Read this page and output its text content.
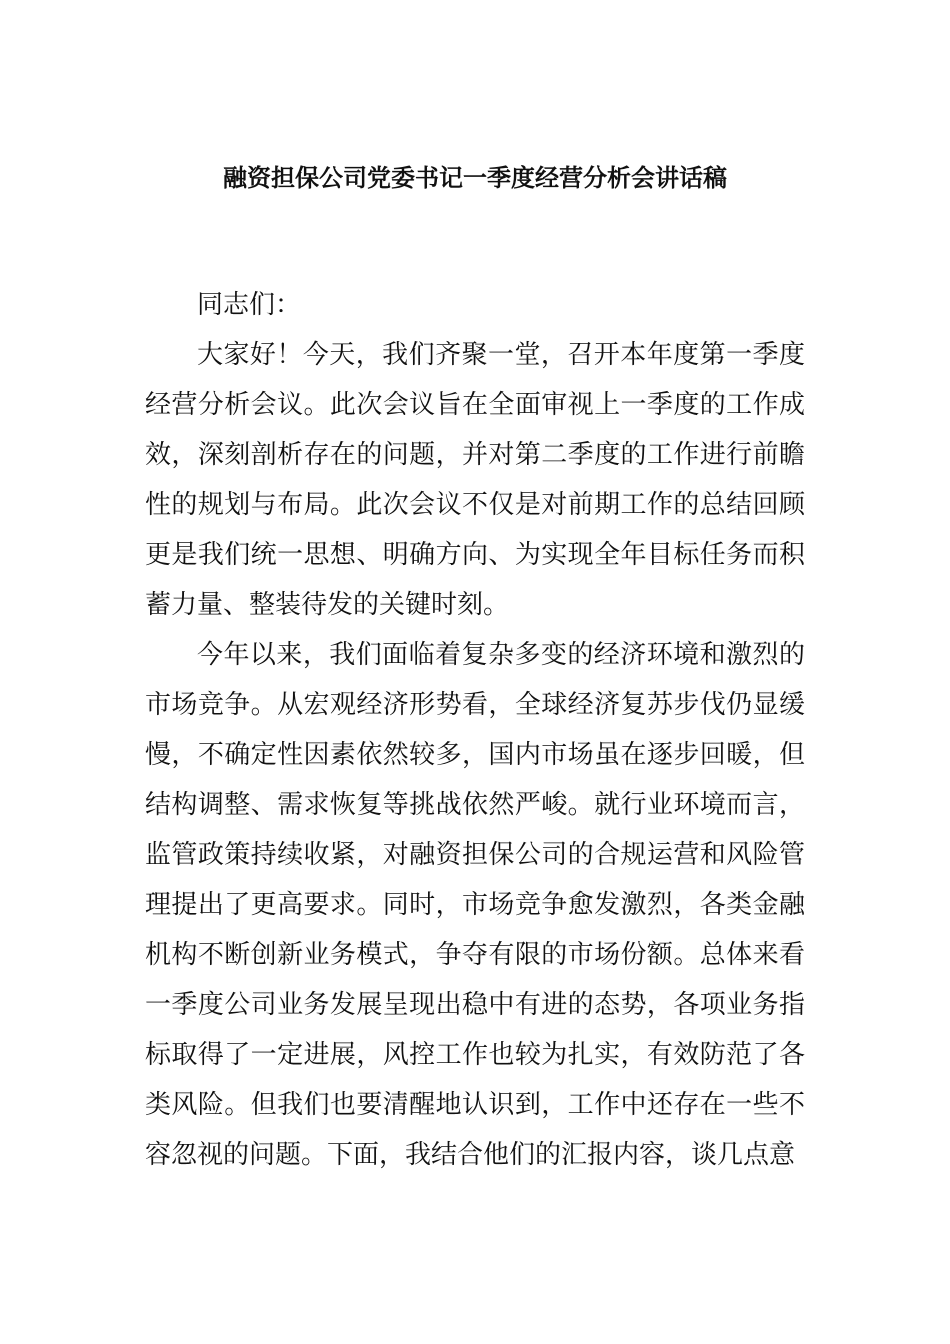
融资担保公司党委书记一季度经营分析会讲话稿

同志们：

大家好！今天，我们齐聚一堂，召开本年度第一季度经营分析会议。此次会议旨在全面审视上一季度的工作成效，深刻剖析存在的问题，并对第二季度的工作进行前瞻性的规划与布局。此次会议不仅是对前期工作的总结回顾更是我们统一思想、明确方向、为实现全年目标任务而积蓄力量、整装待发的关键时刻。

今年以来，我们面临着复杂多变的经济环境和激烈的市场竞争。从宏观经济形势看，全球经济复苏步伐仍显缓慢，不确定性因素依然较多，国内市场虽在逐步回暖，但结构调整、需求恢复等挑战依然严峻。就行业环境而言，监管政策持续收紧，对融资担保公司的合规运营和风险管理提出了更高要求。同时，市场竞争愈发激烈，各类金融机构不断创新业务模式，争夺有限的市场份额。总体来看一季度公司业务发展呈现出稳中有进的态势，各项业务指标取得了一定进展，风控工作也较为扎实，有效防范了各类风险。但我们也要清醒地认识到，工作中还存在一些不容忽视的问题。下面，我结合他们的汇报内容，谈几点意
